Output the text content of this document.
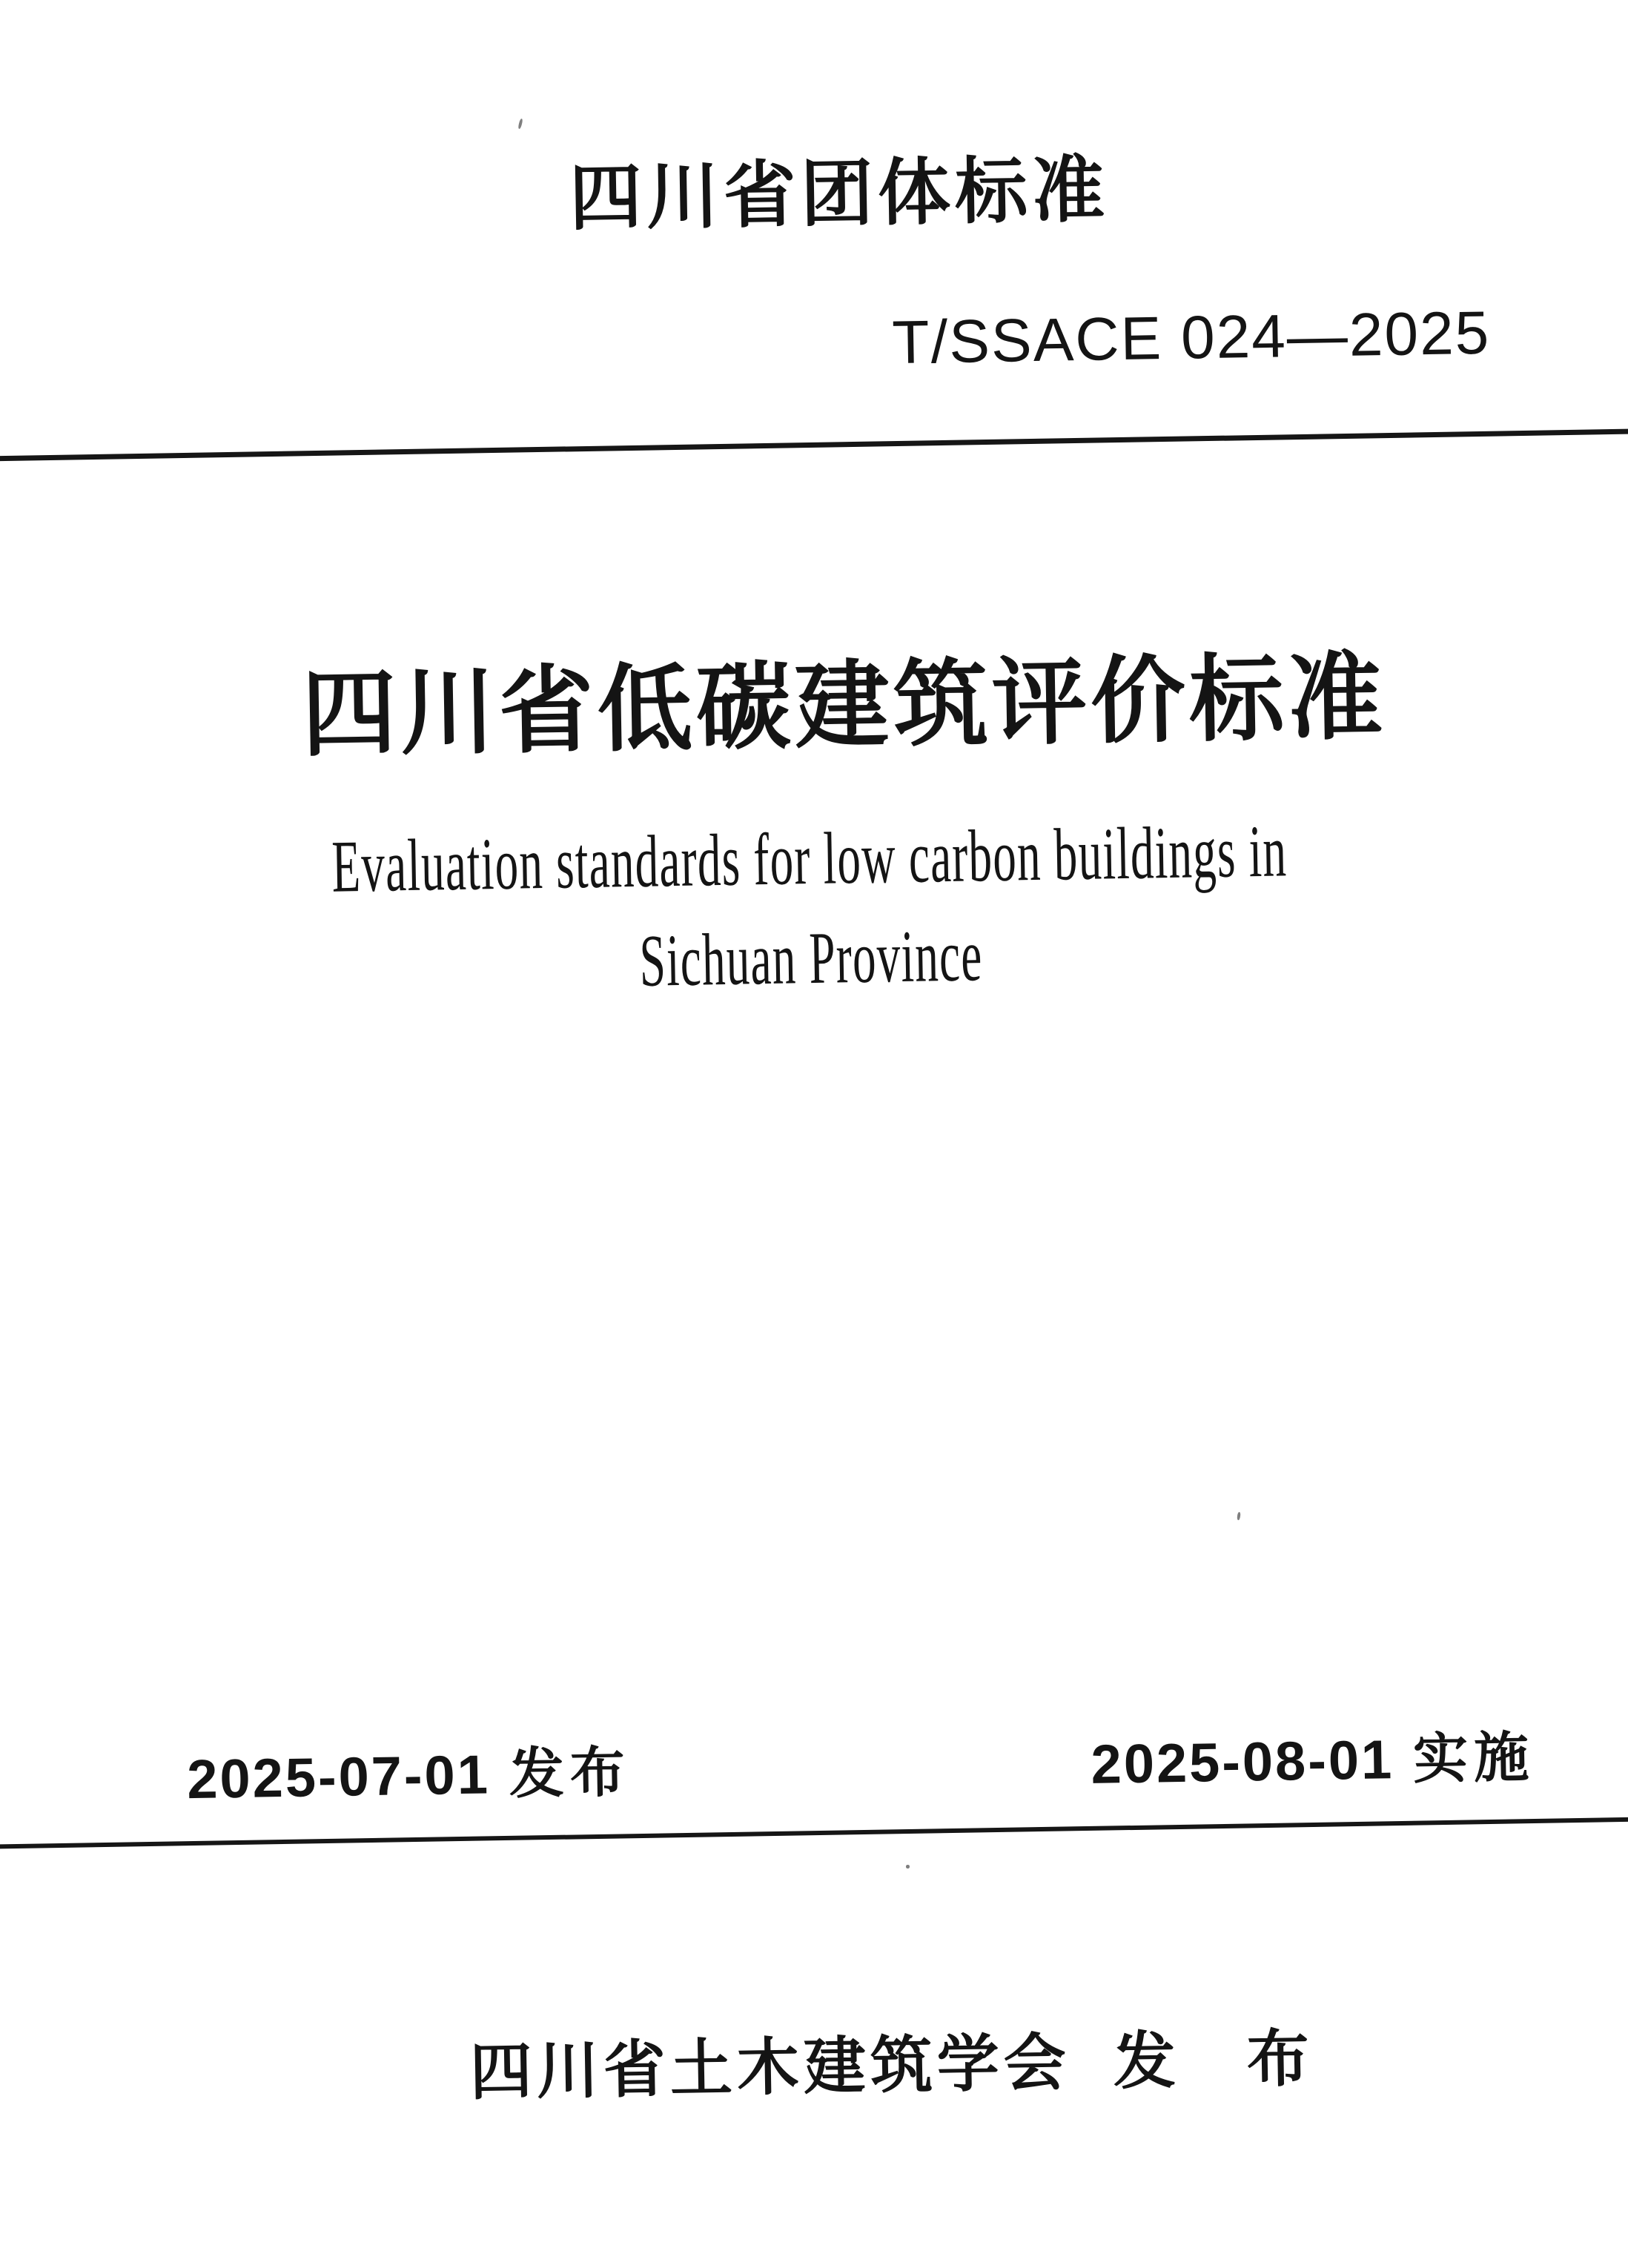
四川省团体标准
T/SSACE 024—2025
四川省低碳建筑评价标准
Evaluation standards for low carbon buildings in
Sichuan Province
2025-07-01 发布	2025-08-01 实施
四川省土木建筑学会 发　布
